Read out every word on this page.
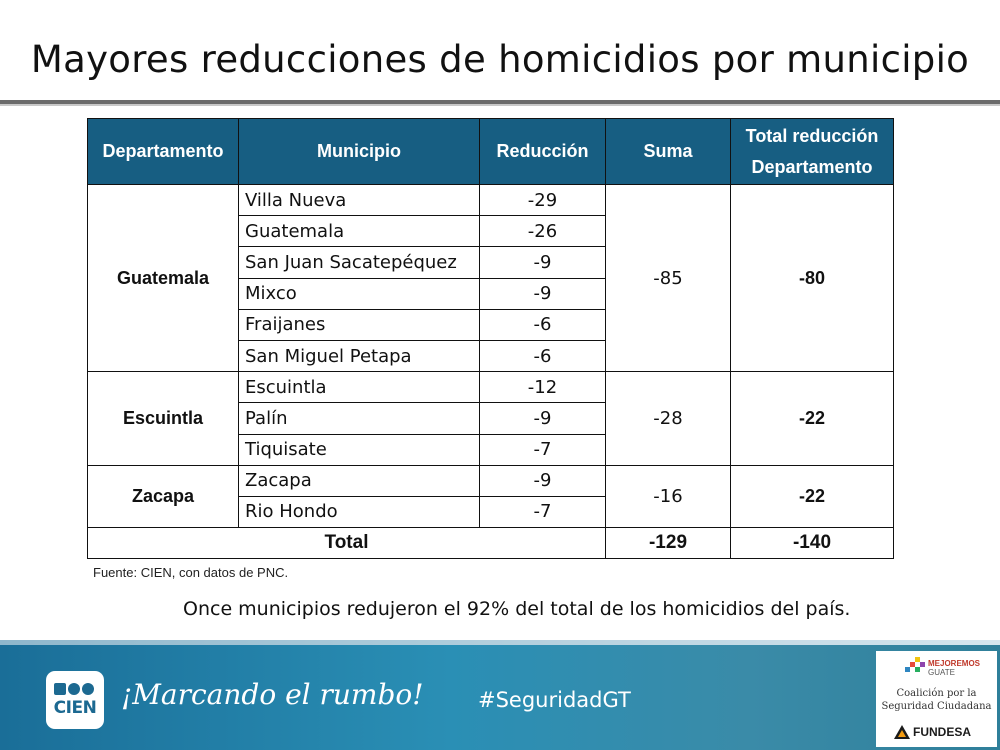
Mayores reducciones de homicidios por municipio
Departamento	Municipio	Reducción	Suma	Total reducción Departamento
Guatemala	Villa Nueva	-29	-85	-80
	Guatemala	-26		
	San Juan Sacatepéquez	-9		
	Mixco	-9		
	Fraijanes	-6		
	San Miguel Petapa	-6		
Escuintla	Escuintla	-12	-28	-22
	Palín	-9		
	Tiquisate	-7		
Zacapa	Zacapa	-9	-16	-22
	Rio Hondo	-7		
Total			-129	-140
Fuente: CIEN, con datos de PNC.
Once municipios redujeron el 92% del total de los homicidios del país.
CIEN ¡Marcando el rumbo!	#SeguridadGT
MEJOREMOS
GUATE
Coalición por la
Seguridad Ciudadana
FUNDESA
